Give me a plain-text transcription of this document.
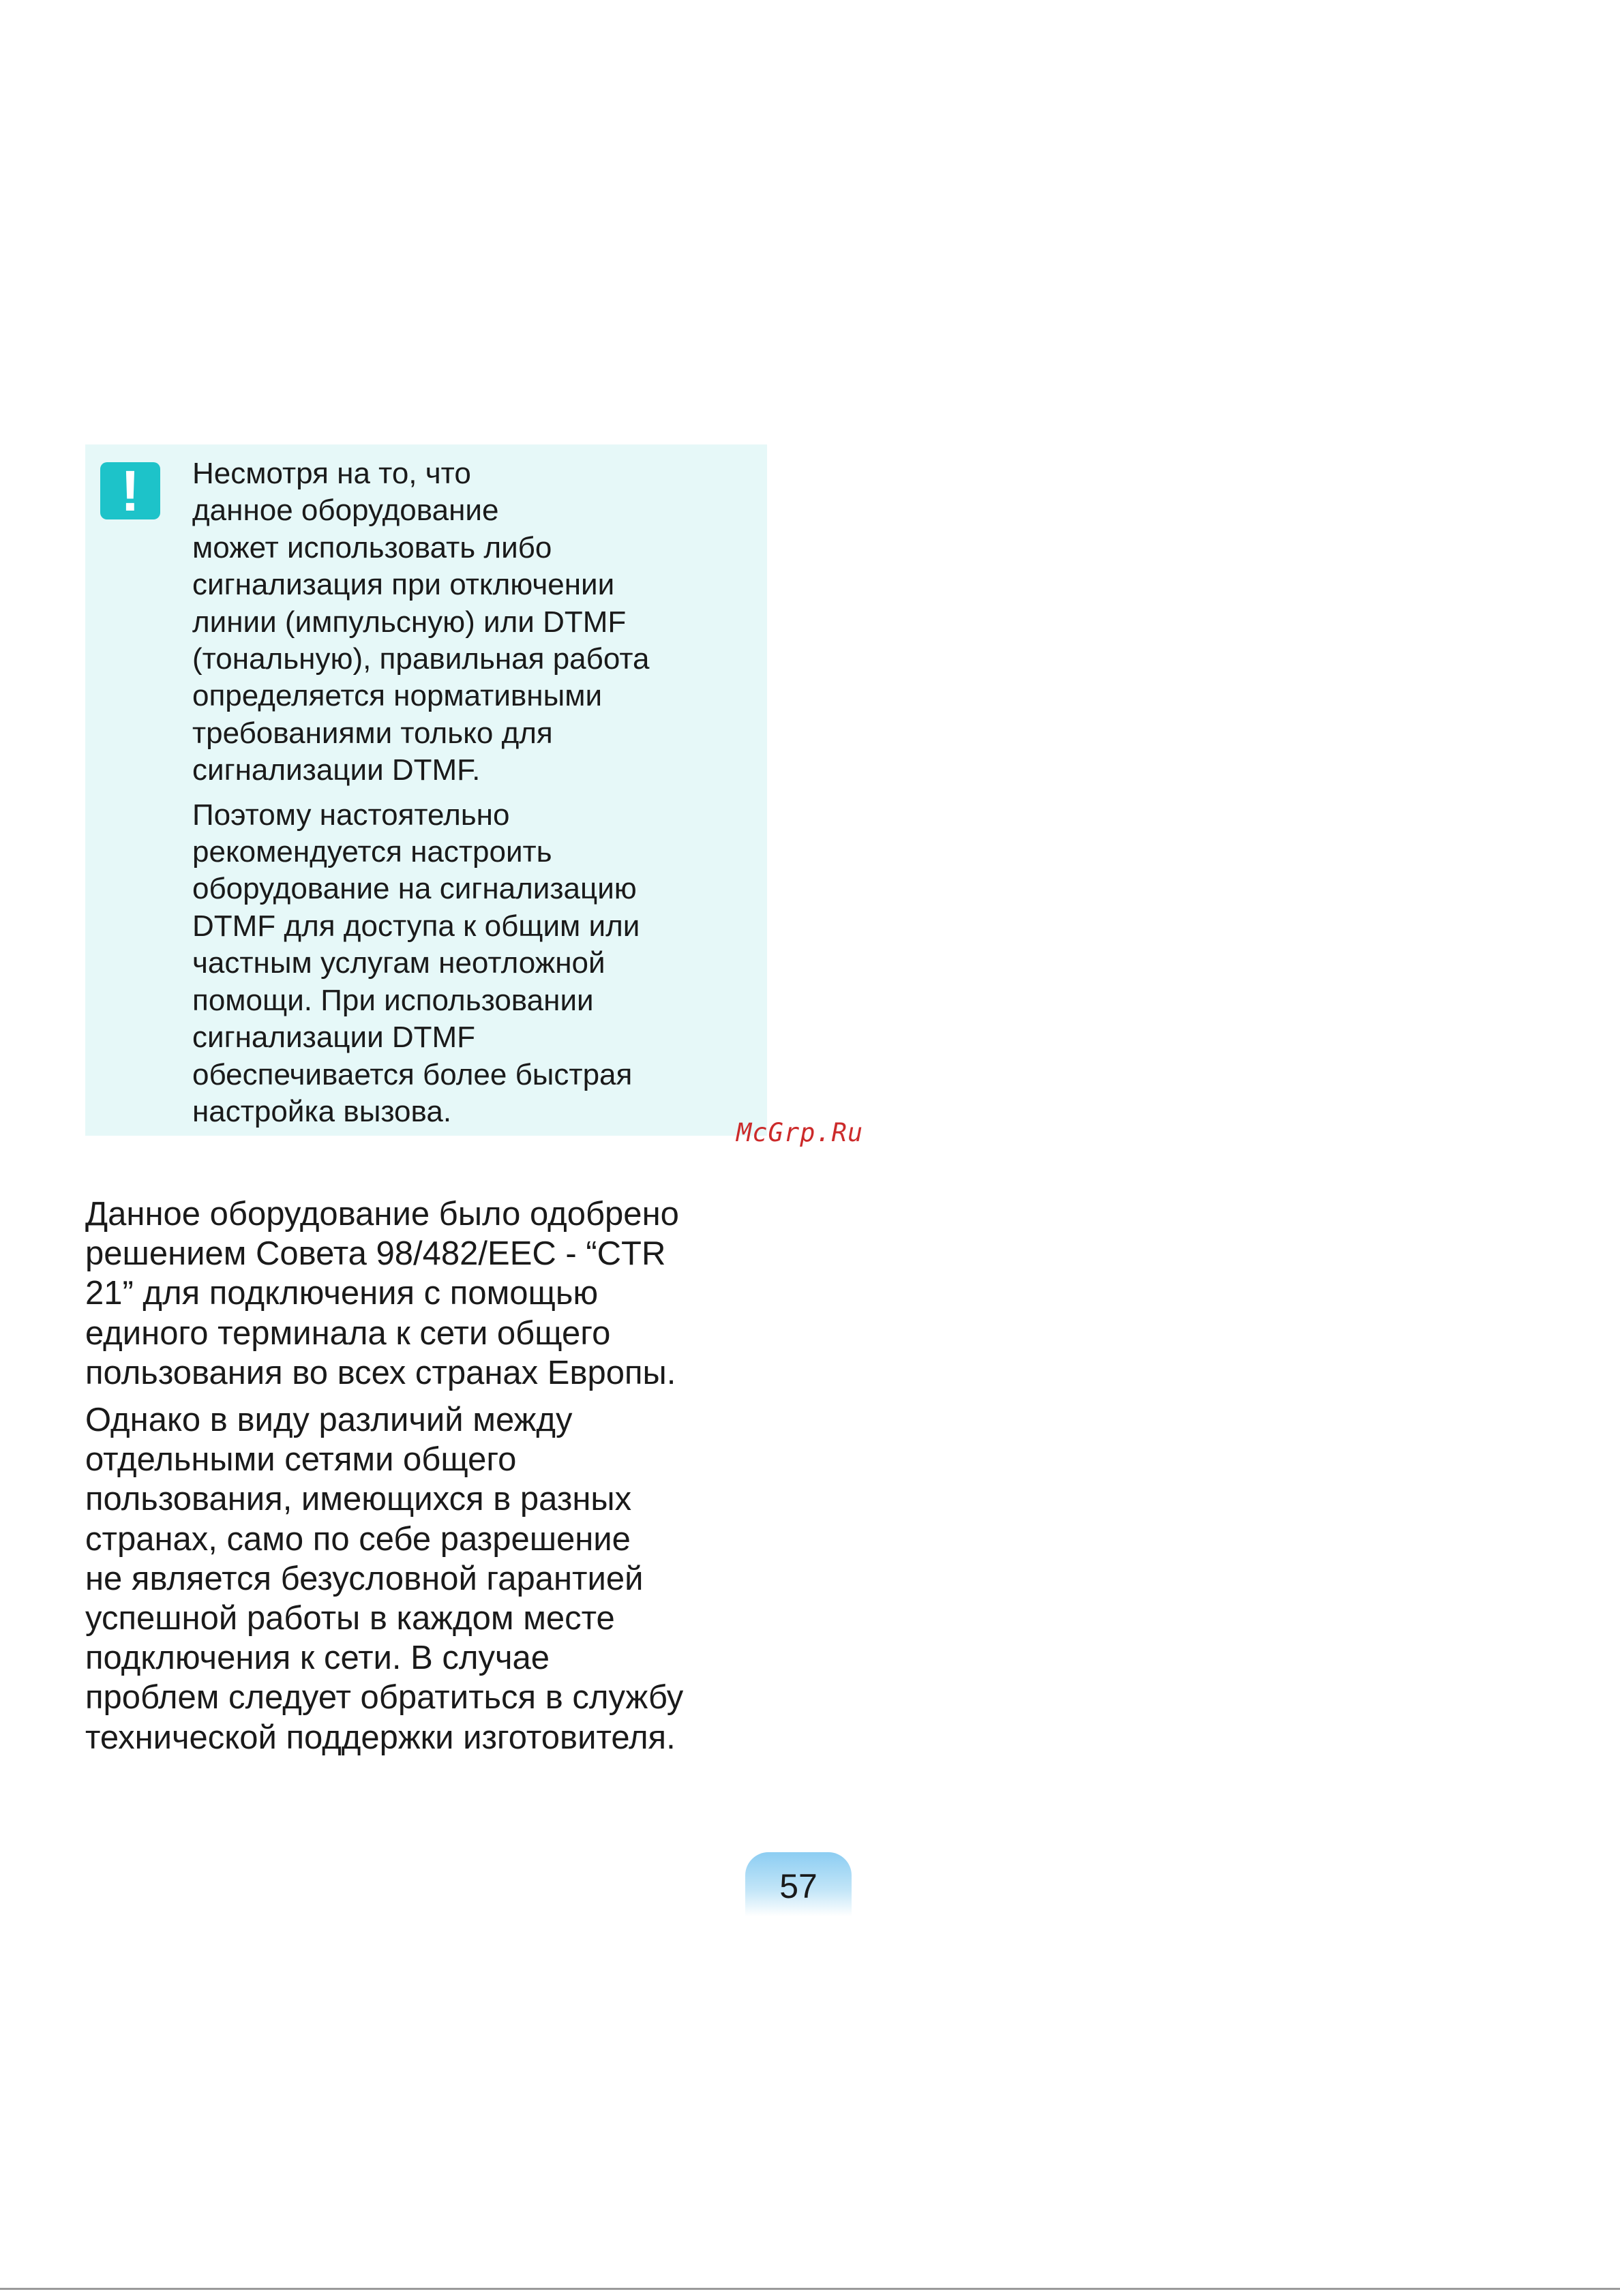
!	Несмотря на то, что
данное оборудование
может использовать либо
сигнализация при отключении
линии (импульсную) или DTMF
(тональную), правильная работа
определяется нормативными
требованиями только для
сигнализации DTMF.

Поэтому настоятельно
рекомендуется настроить
оборудование на сигнализацию
DTMF для доступа к общим или
частным услугам неотложной
помощи. При использовании
сигнализации DTMF
обеспечивается более быстрая
настройка вызова.

McGrp.Ru

Данное оборудование было одобрено
решением Совета 98/482/EEC - “CTR
21” для подключения с помощью
единого терминала к сети общего
пользования во всех странах Европы.

Однако в виду различий между
отдельными сетями общего
пользования, имеющихся в разных
странах, само по себе разрешение
не является безусловной гарантией
успешной работы в каждом месте
подключения к сети. В случае
проблем следует обратиться в службу
технической поддержки изготовителя.

57
